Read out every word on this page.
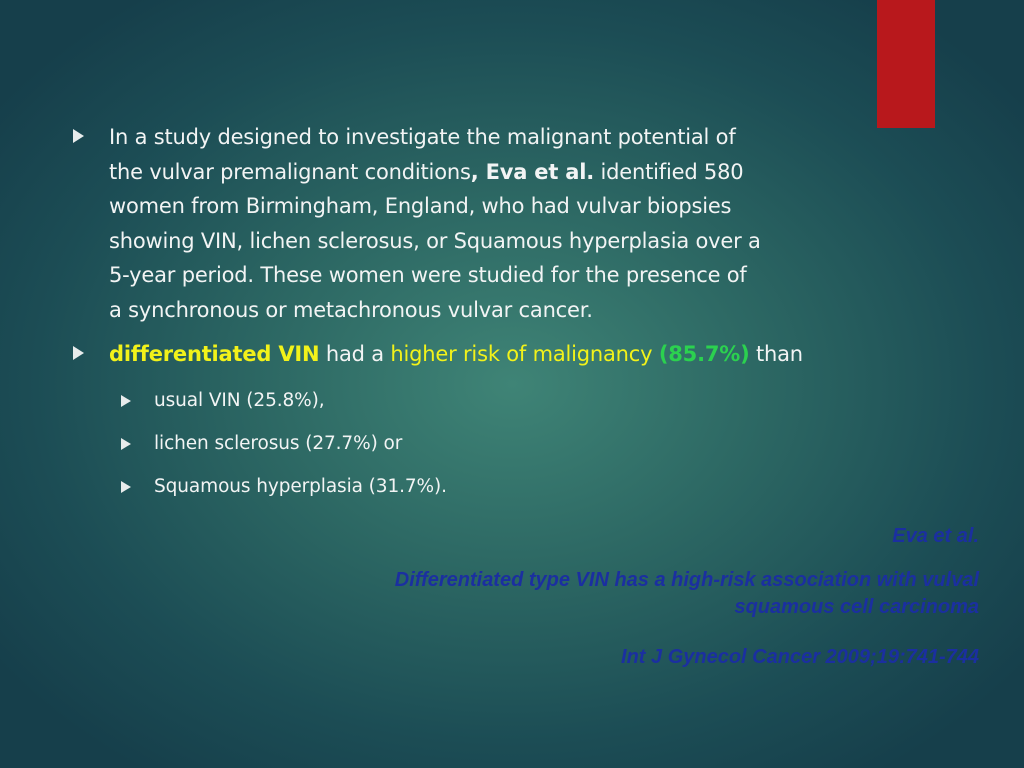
In a study designed to investigate the malignant potential of
the vulvar premalignant conditions, Eva et al. identified 580
women from Birmingham, England, who had vulvar biopsies
showing VIN, lichen sclerosus, or Squamous hyperplasia over a
5-year period. These women were studied for the presence of
a synchronous or metachronous vulvar cancer.
differentiated VIN had a higher risk of malignancy (85.7%) than
usual VIN (25.8%),
lichen sclerosus (27.7%) or
Squamous hyperplasia (31.7%).
Eva et al.
Differentiated type VIN has a high-risk association with vulval
squamous cell carcinoma
Int J Gynecol Cancer 2009;19:741-744
